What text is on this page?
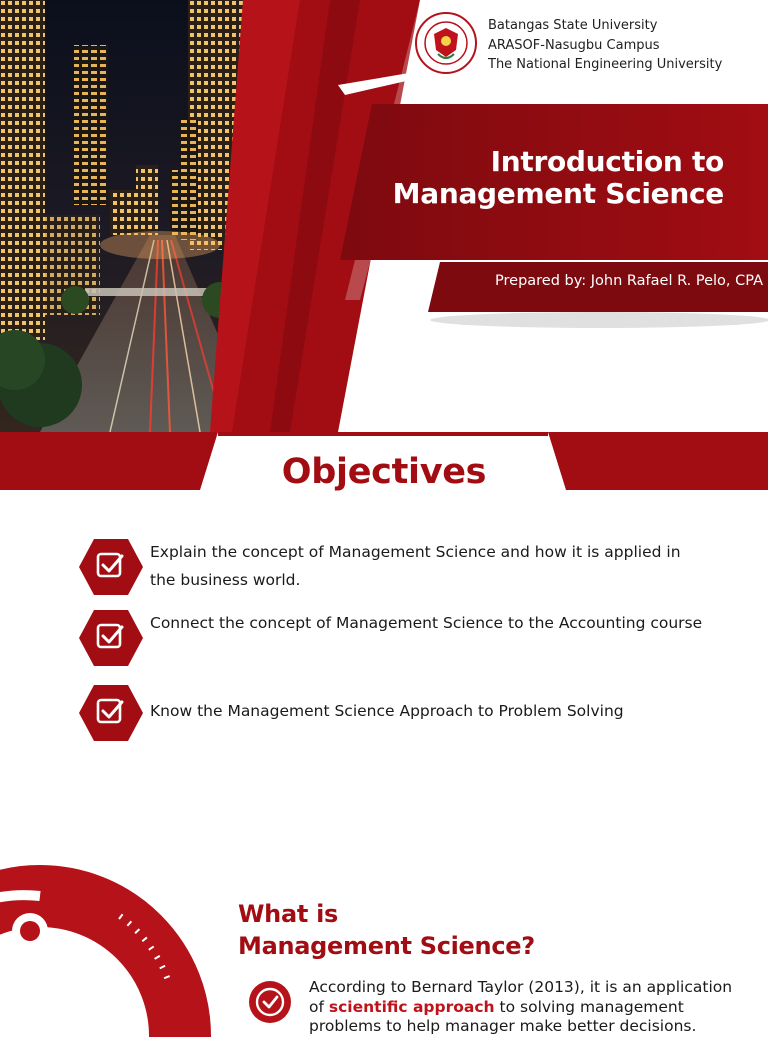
Batangas State University
ARASOF-Nasugbu Campus
The National Engineering University
Introduction to
Management Science
Prepared by: John Rafael R. Pelo, CPA
Objectives
Explain the concept of Management Science and how it is applied in the business world.
Connect the concept of Management Science to the Accounting course
Know the Management Science Approach to Problem Solving
What is
Management Science?
According to Bernard Taylor (2013), it is an application of scientific approach to solving management problems to help manager make better decisions.
